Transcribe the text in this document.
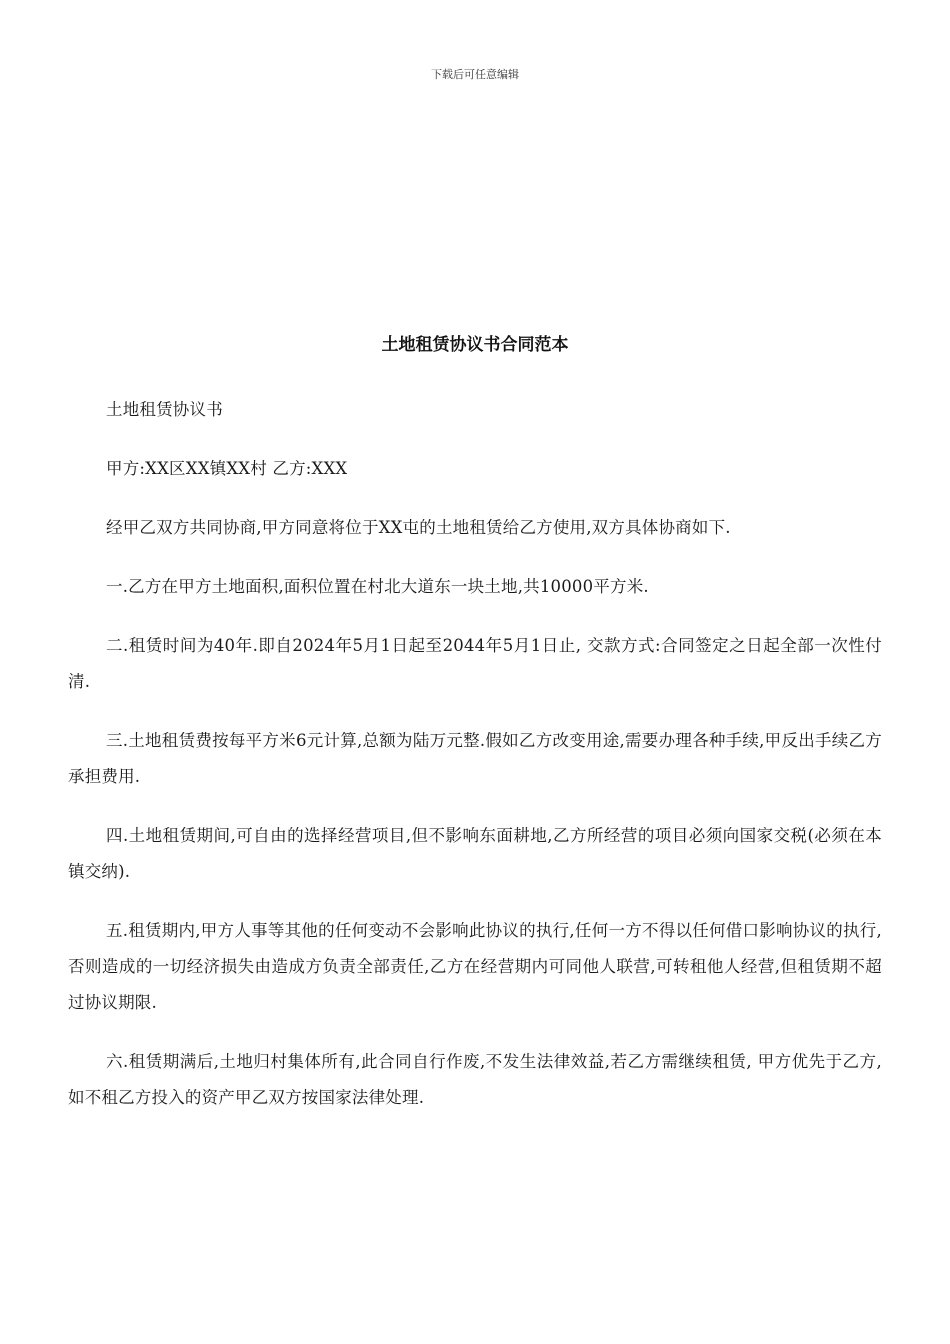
下载后可任意编辑
土地租赁协议书合同范本

土地租赁协议书

甲方:XX区XX镇XX村 乙方:XXX

经甲乙双方共同协商,甲方同意将位于XX屯的土地租赁给乙方使用,双方具体协商如下.

一.乙方在甲方土地面积,面积位置在村北大道东一块土地,共10000平方米.

二.租赁时间为40年.即自2024年5月1日起至2044年5月1日止, 交款方式:合同签定之日起全部一次性付清.

三.土地租赁费按每平方米6元计算,总额为陆万元整.假如乙方改变用途,需要办理各种手续,甲反出手续乙方承担费用.

四.土地租赁期间,可自由的选择经营项目,但不影响东面耕地,乙方所经营的项目必须向国家交税(必须在本镇交纳).

五.租赁期内,甲方人事等其他的任何变动不会影响此协议的执行,任何一方不得以任何借口影响协议的执行,否则造成的一切经济损失由造成方负责全部责任,乙方在经营期内可同他人联营,可转租他人经营,但租赁期不超过协议期限.

六.租赁期满后,土地归村集体所有,此合同自行作废,不发生法律效益,若乙方需继续租赁, 甲方优先于乙方,如不租乙方投入的资产甲乙双方按国家法律处理.
